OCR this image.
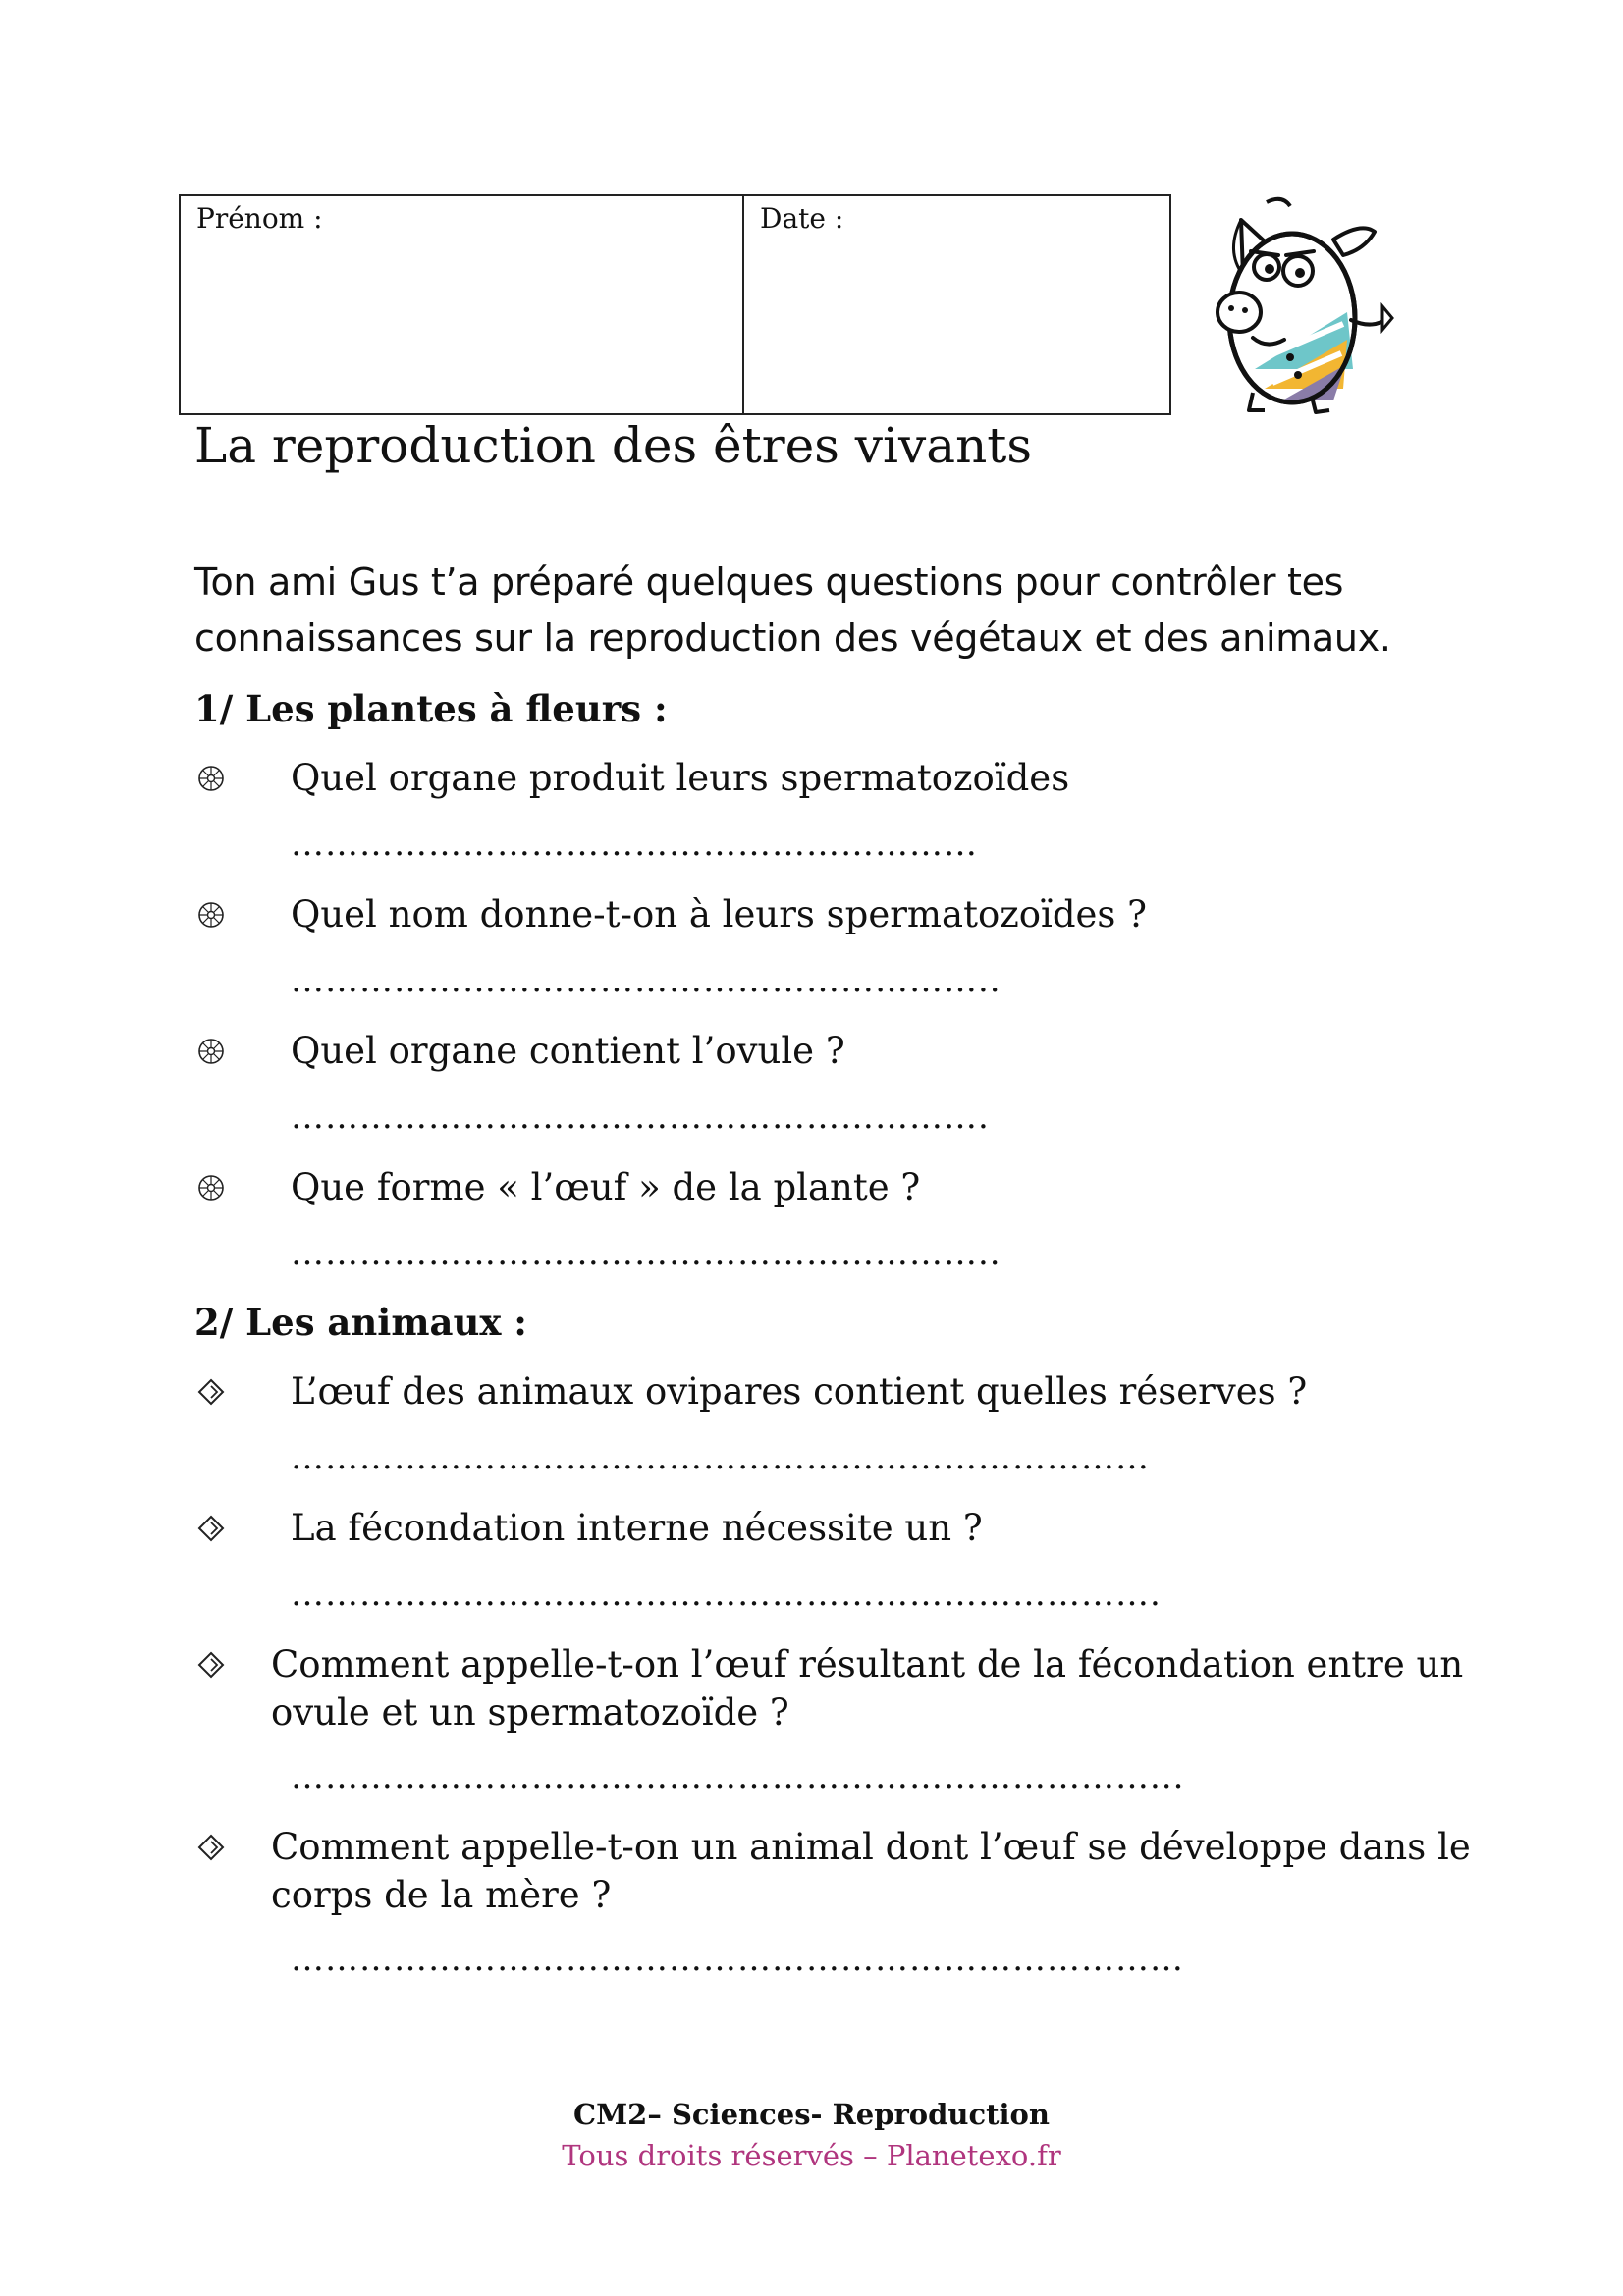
Prénom :	Date :
La reproduction des êtres vivants

Ton ami Gus t’a préparé quelques questions pour contrôler tes

connaissances sur la reproduction des végétaux et des animaux.

1/ Les plantes à fleurs :
Quel organe produit leurs spermatozoïdes
……………………………………………………
Quel nom donne-t-on à leurs spermatozoïdes ?
……………………………………………………..
Quel organe contient l’ovule ?
…………………………………………………….
Que forme « l’œuf » de la plante ?
……………………………………………………..
2/ Les animaux :
L’œuf des animaux ovipares contient quelles réserves ?
…………………………………………………………………
La fécondation interne nécessite un ?
………………………………………………………………….
Comment appelle-t-on l’œuf résultant de la fécondation entre un
ovule et un spermatozoïde ?
…………………………………………………………………...
Comment appelle-t-on un animal dont l’œuf se développe dans le
corps de la mère ?
……………………………………………………………………
CM2– Sciences- Reproduction
Tous droits réservés – Planetexo.fr
